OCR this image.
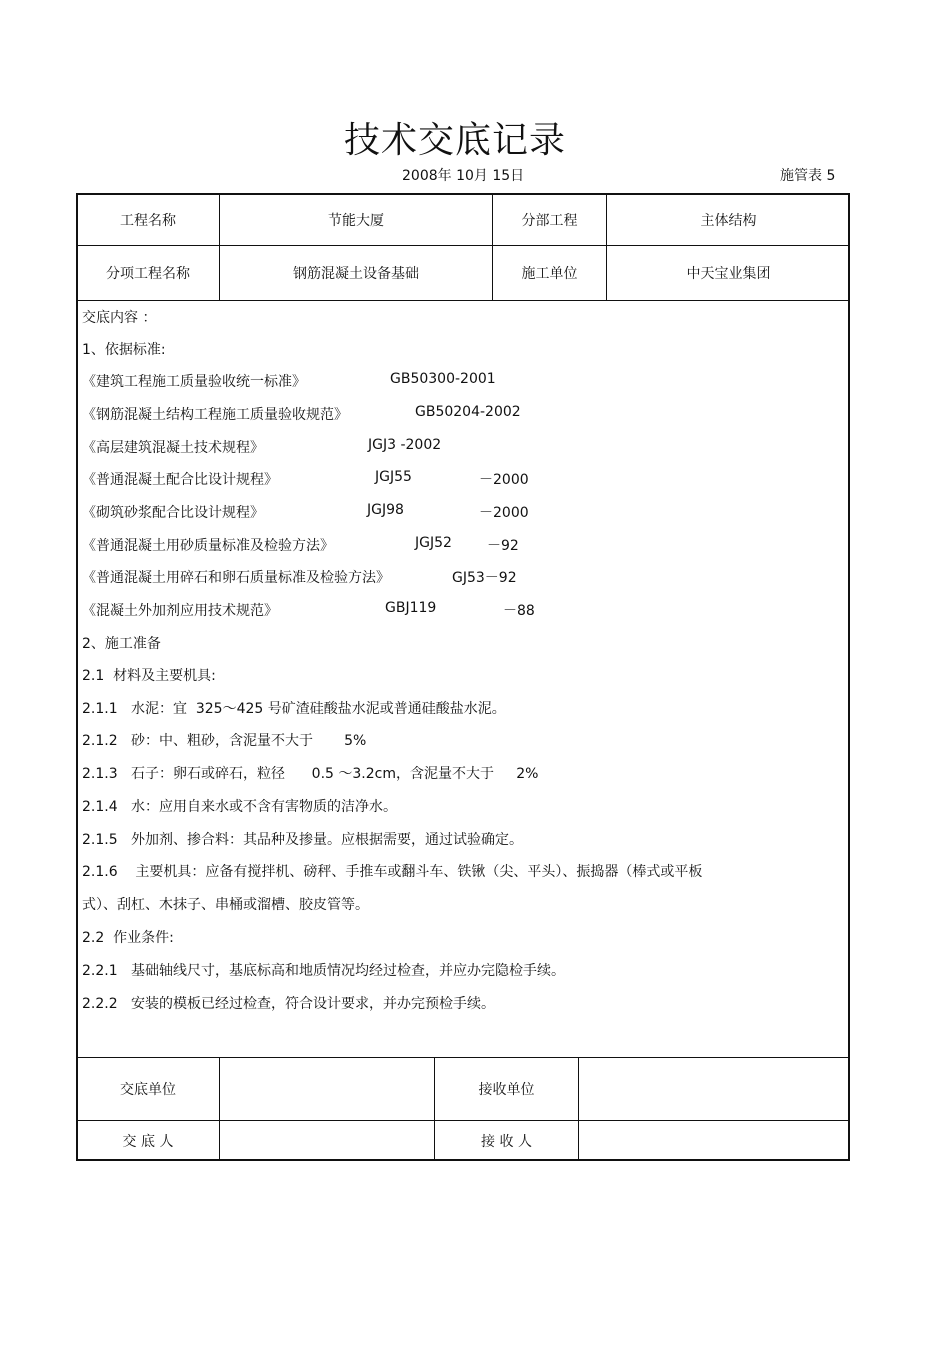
技术交底记录
2008年 10月 15日	施管表 5
工程名称	节能大厦	分部工程	主体结构
分项工程名称	钢筋混凝土设备基础	施工单位	中天宝业集团
交底内容 ：
1、依据标准:
《建筑工程施工质量验收统一标准》	GB50300-2001
《钢筋混凝土结构工程施工质量验收规范》	GB50204-2002
《高层建筑混凝土技术规程》	JGJ3 -2002
《普通混凝土配合比设计规程》	JGJ55	－2000
《砌筑砂浆配合比设计规程》	JGJ98	－2000
《普通混凝土用砂质量标准及检验方法》	JGJ52	－92
《普通混凝土用碎石和卵石质量标准及检验方法》	GJ53－92
《混凝土外加剂应用技术规范》	GBJ119	－88
2、施工准备
2.1  材料及主要机具:
2.1.1   水泥：宜  325～425 号矿渣硅酸盐水泥或普通硅酸盐水泥。
2.1.2   砂：中、粗砂，含泥量不大于       5%
2.1.3   石子：卵石或碎石，粒径      0.5 ～3.2cm，含泥量不大于     2%
2.1.4   水：应用自来水或不含有害物质的洁净水。
2.1.5   外加剂、掺合料：其品种及掺量。应根据需要，通过试验确定。
2.1.6    主要机具：应备有搅拌机、磅秤、手推车或翻斗车、铁锹（尖、平头）、振捣器（棒式或平板
式）、刮杠、木抹子、串桶或溜槽、胶皮管等。
2.2  作业条件:
2.2.1   基础轴线尺寸，基底标高和地质情况均经过检查，并应办完隐检手续。
2.2.2   安装的模板已经过检查，符合设计要求，并办完预检手续。
交底单位	接收单位
交 底 人	接 收 人
